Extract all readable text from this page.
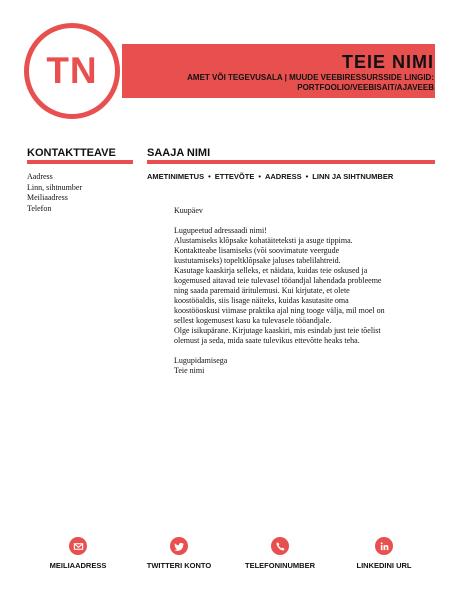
TN	TEIE NIMI
AMET VÕI TEGEVUSALA | MUUDE VEEBIRESSURSSIDE LINGID:
PORTFOOLIO/VEEBISAIT/AJAVEEB
KONTAKTTEAVE
Aadress
Linn, sihtnumber
Meiliaadress
Telefon
SAAJA NIMI
AMETINIMETUS • ETTEVÕTE • AADRESS • LINN JA SIHTNUMBER

Kuupäev

Lugupeetud adressaadi nimi!

Alustamiseks klõpsake kohatäiteteksti ja asuge tippima.

Kontaktteabe lisamiseks (või soovimatute veergude

kustutamiseks) topeltklõpsake jaluses tabelilahtreid.

Kasutage kaaskirja selleks, et näidata, kuidas teie oskused ja

kogemused aitavad teie tulevasel tööandjal lahendada probleeme

ning saada paremaid äritulemusi. Kui kirjutate, et olete

koostööaldis, siis lisage näiteks, kuidas kasutasite oma

koostööoskusi viimase praktika ajal ning tooge välja, mil moel on

sellest kogemusest kasu ka tulevasele tööandjale.

Olge isikupärane. Kirjutage kaaskiri, mis esindab just teie tõelist

olemust ja seda, mida saate tulevikus ettevõtte heaks teha.

Lugupidamisega

Teie nimi

MEILIAADRESS	TWITTERI KONTO	TELEFONINUMBER	LINKEDINI URL
